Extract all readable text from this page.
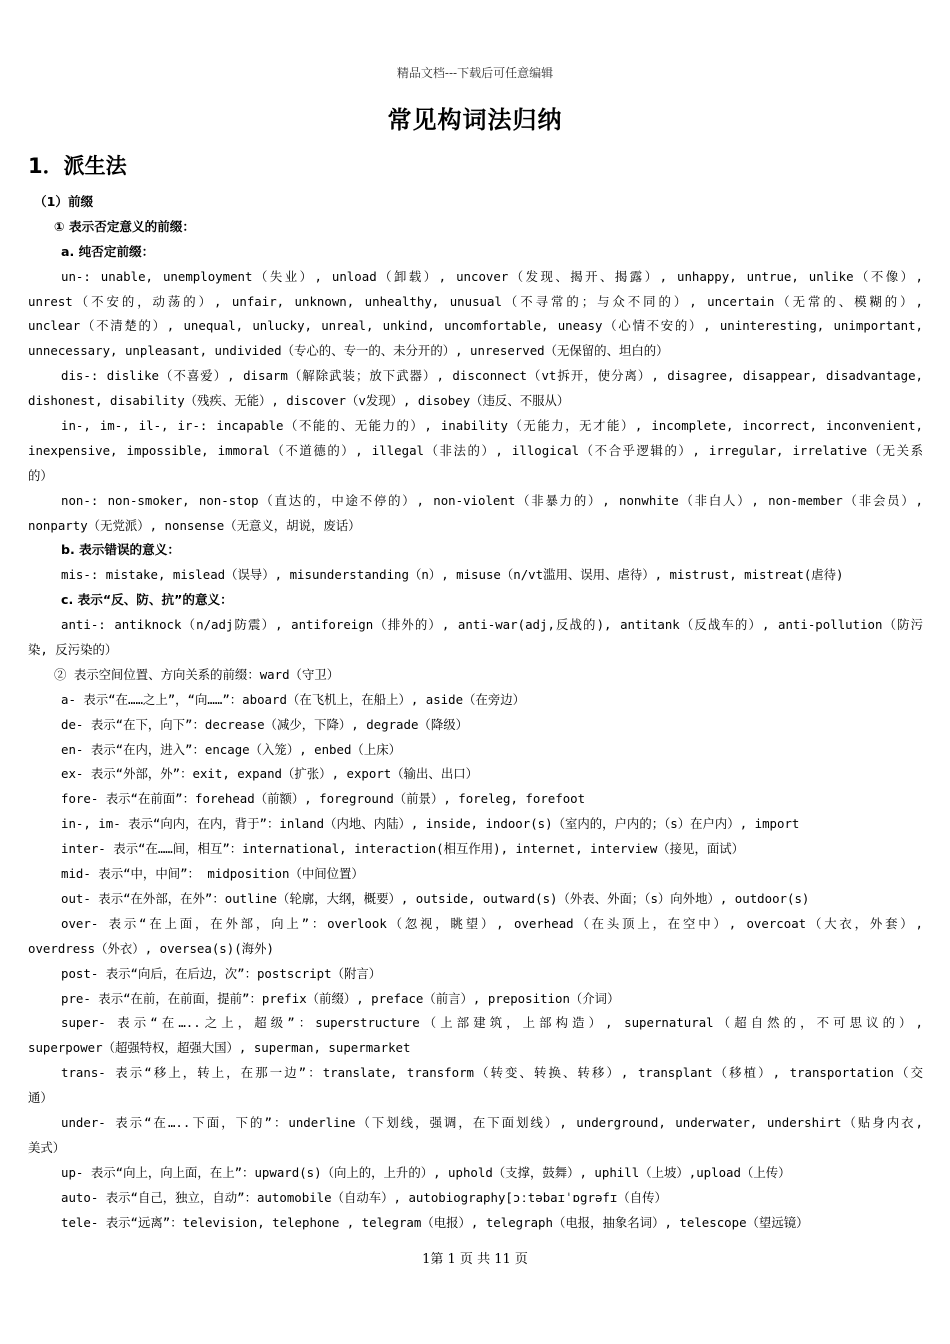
精品文档---下载后可任意编辑
常见构词法归纳
1．派生法
（1）前缀
① 表示否定意义的前缀：
a. 纯否定前缀：
un-: unable, unemployment（失业）, unload（卸载）, uncover（发现、揭开、揭露）, unhappy, untrue, unlike（不像）,
unrest（不安的，动荡的）, unfair, unknown, unhealthy, unusual（不寻常的；与众不同的）, uncertain（无常的、模糊的）,
unclear（不清楚的）, unequal, unlucky, unreal, unkind, uncomfortable, uneasy（心情不安的）, uninteresting, unimportant,
unnecessary, unpleasant, undivided（专心的、专一的、未分开的）, unreserved（无保留的、坦白的）
dis-: dislike（不喜爱）, disarm（解除武装；放下武器）, disconnect（vt拆开，使分离）, disagree, disappear, disadvantage,
dishonest, disability（残疾、无能）, discover（v发现）, disobey（违反、不服从）
in-, im-, il-, ir-: incapable（不能的、无能力的）, inability（无能力，无才能）, incomplete, incorrect, inconvenient,
inexpensive, impossible, immoral（不道德的）, illegal（非法的）, illogical（不合乎逻辑的）, irregular, irrelative（无关系
的）
non-: non-smoker, non-stop（直达的，中途不停的）, non-violent（非暴力的）, nonwhite（非白人）, non-member（非会员）,
nonparty（无党派）, nonsense（无意义，胡说，废话）
b. 表示错误的意义：
mis-: mistake, mislead（误导）, misunderstanding（n）, misuse（n/vt滥用、误用、虐待）, mistrust, mistreat(虐待)
c. 表示“反、防、抗”的意义：
anti-: antiknock（n/adj防震）, antiforeign（排外的）, anti-war(adj,反战的), antitank（反战车的）, anti-pollution（防污
染, 反污染的）
② 表示空间位置、方向关系的前缀：ward（守卫）
a- 表示“在……之上”，“向……”：aboard（在飞机上，在船上）, aside（在旁边）
de- 表示“在下，向下”：decrease（减少，下降）, degrade（降级）
en- 表示“在内，进入”：encage（入笼）, enbed（上床）
ex- 表示“外部，外”：exit, expand（扩张）, export（输出、出口）
fore- 表示“在前面”：forehead（前额）, foreground（前景）, foreleg, forefoot
in-, im- 表示“向内，在内，背于”：inland（内地、内陆）, inside, indoor(s)（室内的，户内的；（s）在户内）, import
inter- 表示“在……间，相互”：international, interaction(相互作用), internet, interview（接见，面试）
mid- 表示“中，中间”： midposition（中间位置）
out- 表示“在外部，在外”：outline（轮廓，大纲，概要）, outside, outward(s)（外表、外面；（s）向外地）, outdoor(s)
over- 表示“在上面，在外部，向上”：overlook（忽视，眺望）, overhead（在头顶上，在空中）, overcoat（大衣，外套）,
overdress（外衣）, oversea(s)(海外)
post- 表示“向后，在后边，次”：postscript（附言）
pre- 表示“在前，在前面，提前”：prefix（前缀）, preface（前言）, preposition（介词）
super- 表示“在…..之上，超级”：superstructure（上部建筑，上部构造）, supernatural（超自然的，不可思议的）,
superpower（超强特权，超强大国）, superman, supermarket
trans- 表示“移上，转上，在那一边”：translate, transform（转变、转换、转移）, transplant（移植）, transportation（交
通）
under- 表示“在…..下面，下的”：underline（下划线，强调，在下面划线）, underground, underwater, undershirt（贴身内衣,
美式）
up- 表示“向上，向上面，在上”：upward(s)（向上的，上升的）, uphold（支撑，鼓舞）, uphill（上坡）,upload（上传）
auto- 表示“自己，独立，自动”：automobile（自动车）, autobiography[ɔːtəbaɪˈɒgrəfɪ（自传）
tele- 表示“远离”：television, telephone , telegram（电报）, telegraph（电报，抽象名词）, telescope（望远镜）
1第 1 页 共 11 页
